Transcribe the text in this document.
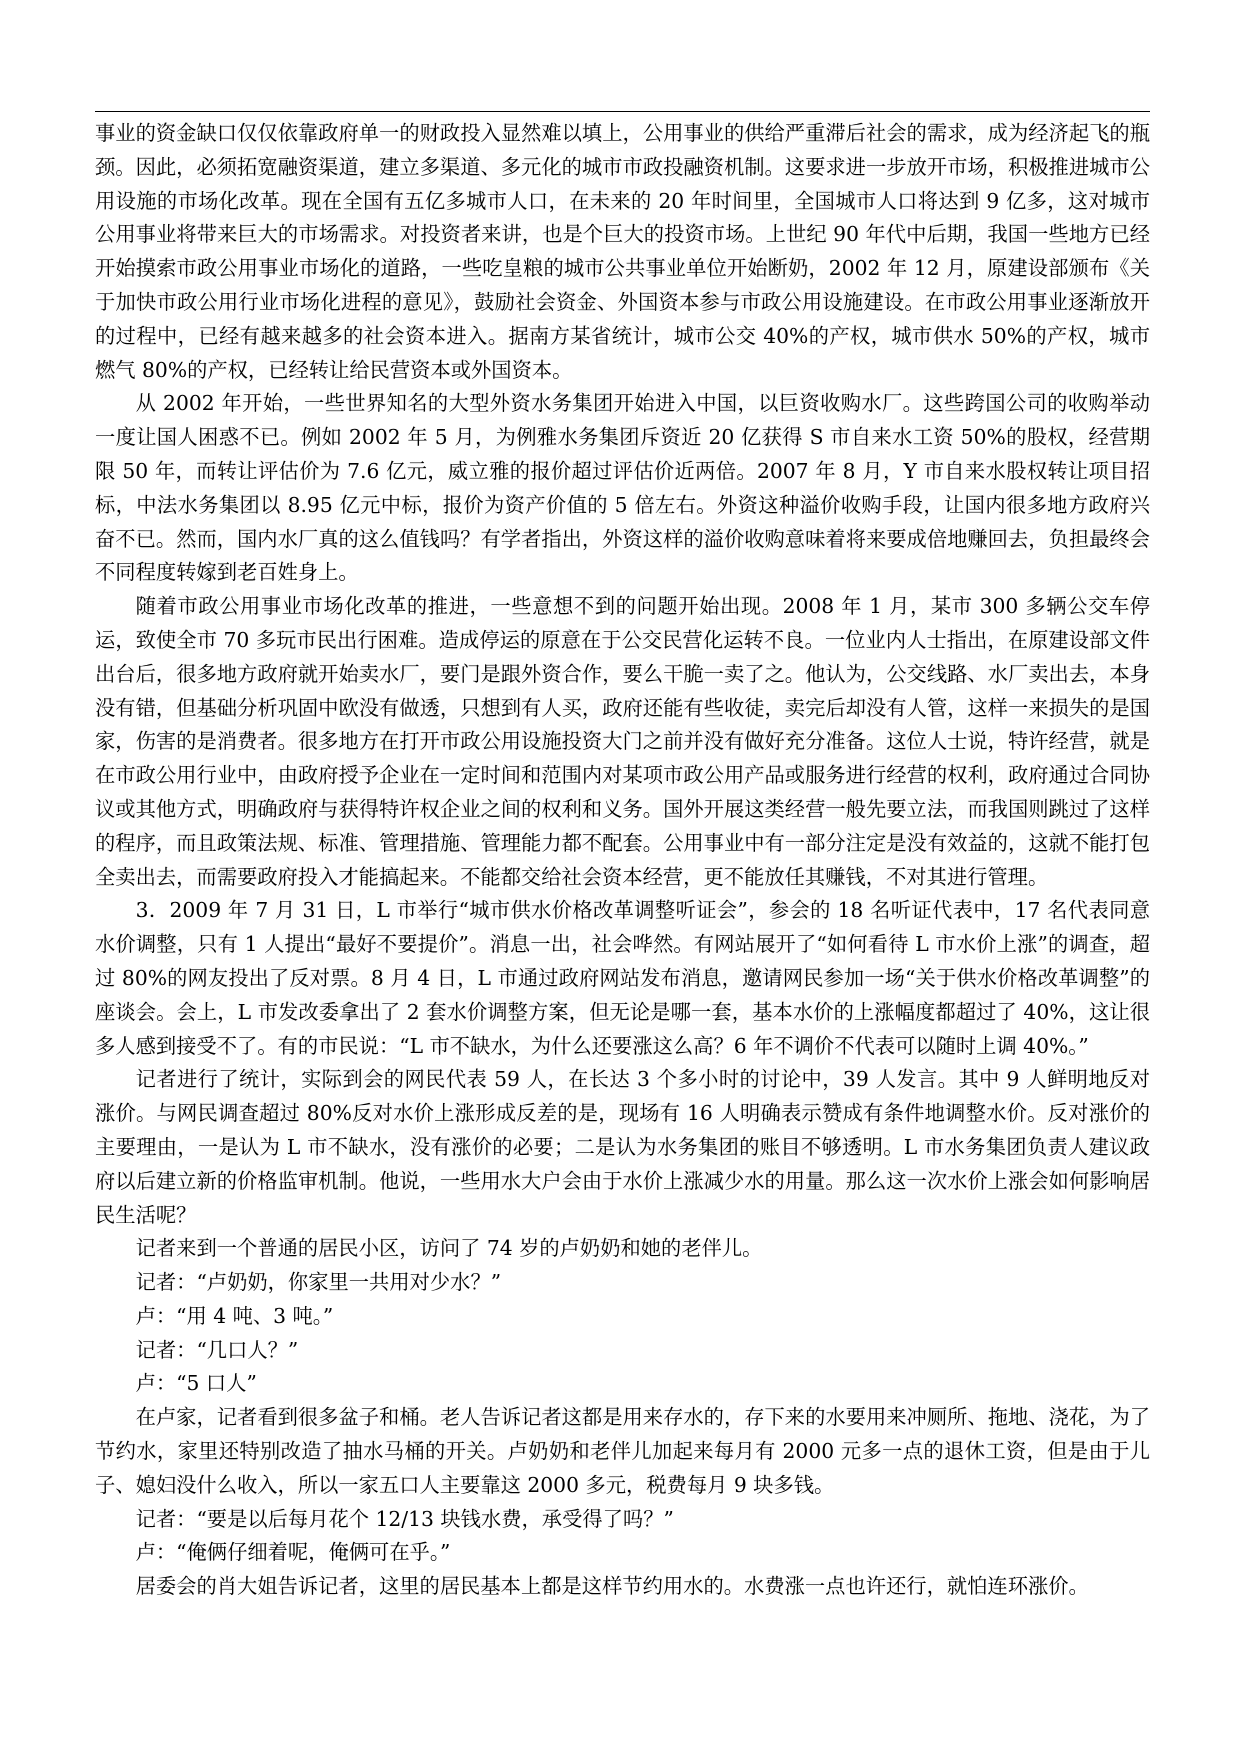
事业的资金缺口仅仅依靠政府单一的财政投入显然难以填上，公用事业的供给严重滞后社会的需求，成为经济起飞的瓶颈。因此，必须拓宽融资渠道，建立多渠道、多元化的城市市政投融资机制。这要求进一步放开市场，积极推进城市公用设施的市场化改革。现在全国有五亿多城市人口，在未来的 20 年时间里，全国城市人口将达到 9 亿多，这对城市公用事业将带来巨大的市场需求。对投资者来讲，也是个巨大的投资市场。上世纪 90 年代中后期，我国一些地方已经开始摸索市政公用事业市场化的道路，一些吃皇粮的城市公共事业单位开始断奶，2002 年 12 月，原建设部颁布《关于加快市政公用行业市场化进程的意见》，鼓励社会资金、外国资本参与市政公用设施建设。在市政公用事业逐渐放开的过程中，已经有越来越多的社会资本进入。据南方某省统计，城市公交 40%的产权，城市供水 50%的产权，城市燃气 80%的产权，已经转让给民营资本或外国资本。

从 2002 年开始，一些世界知名的大型外资水务集团开始进入中国，以巨资收购水厂。这些跨国公司的收购举动一度让国人困惑不已。例如 2002 年 5 月，为例雅水务集团斥资近 20 亿获得 S 市自来水工资 50%的股权，经营期限 50 年，而转让评估价为 7.6 亿元，威立雅的报价超过评估价近两倍。2007 年 8 月，Y 市自来水股权转让项目招标，中法水务集团以 8.95 亿元中标，报价为资产价值的 5 倍左右。外资这种溢价收购手段，让国内很多地方政府兴奋不已。然而，国内水厂真的这么值钱吗？有学者指出，外资这样的溢价收购意味着将来要成倍地赚回去，负担最终会不同程度转嫁到老百姓身上。

随着市政公用事业市场化改革的推进，一些意想不到的问题开始出现。2008 年 1 月，某市 300 多辆公交车停运，致使全市 70 多玩市民出行困难。造成停运的原意在于公交民营化运转不良。一位业内人士指出，在原建设部文件出台后，很多地方政府就开始卖水厂，要门是跟外资合作，要么干脆一卖了之。他认为，公交线路、水厂卖出去，本身没有错，但基础分析巩固中欧没有做透，只想到有人买，政府还能有些收徒，卖完后却没有人管，这样一来损失的是国家，伤害的是消费者。很多地方在打开市政公用设施投资大门之前并没有做好充分准备。这位人士说，特许经营，就是在市政公用行业中，由政府授予企业在一定时间和范围内对某项市政公用产品或服务进行经营的权利，政府通过合同协议或其他方式，明确政府与获得特许权企业之间的权利和义务。国外开展这类经营一般先要立法，而我国则跳过了这样的程序，而且政策法规、标准、管理措施、管理能力都不配套。公用事业中有一部分注定是没有效益的，这就不能打包全卖出去，而需要政府投入才能搞起来。不能都交给社会资本经营，更不能放任其赚钱，不对其进行管理。

3．2009 年 7 月 31 日，L 市举行“城市供水价格改革调整听证会”，参会的 18 名听证代表中，17 名代表同意水价调整，只有 1 人提出“最好不要提价”。消息一出，社会哗然。有网站展开了“如何看待 L 市水价上涨”的调查，超过 80%的网友投出了反对票。8 月 4 日，L 市通过政府网站发布消息，邀请网民参加一场“关于供水价格改革调整”的座谈会。会上，L 市发改委拿出了 2 套水价调整方案，但无论是哪一套，基本水价的上涨幅度都超过了 40%，这让很多人感到接受不了。有的市民说：“L 市不缺水，为什么还要涨这么高？6 年不调价不代表可以随时上调 40%。”

记者进行了统计，实际到会的网民代表 59 人，在长达 3 个多小时的讨论中，39 人发言。其中 9 人鲜明地反对涨价。与网民调查超过 80%反对水价上涨形成反差的是，现场有 16 人明确表示赞成有条件地调整水价。反对涨价的主要理由，一是认为 L 市不缺水，没有涨价的必要；二是认为水务集团的账目不够透明。L 市水务集团负责人建议政府以后建立新的价格监审机制。他说，一些用水大户会由于水价上涨减少水的用量。那么这一次水价上涨会如何影响居民生活呢？

记者来到一个普通的居民小区，访问了 74 岁的卢奶奶和她的老伴儿。

记者：“卢奶奶，你家里一共用对少水？”

卢：“用 4 吨、3 吨。”

记者：“几口人？”

卢：“5 口人”

在卢家，记者看到很多盆子和桶。老人告诉记者这都是用来存水的，存下来的水要用来冲厕所、拖地、浇花，为了节约水，家里还特别改造了抽水马桶的开关。卢奶奶和老伴儿加起来每月有 2000 元多一点的退休工资，但是由于儿子、媳妇没什么收入，所以一家五口人主要靠这 2000 多元，税费每月 9 块多钱。

记者：“要是以后每月花个 12/13 块钱水费，承受得了吗？”

卢：“俺俩仔细着呢，俺俩可在乎。”

居委会的肖大姐告诉记者，这里的居民基本上都是这样节约用水的。水费涨一点也许还行，就怕连环涨价。
